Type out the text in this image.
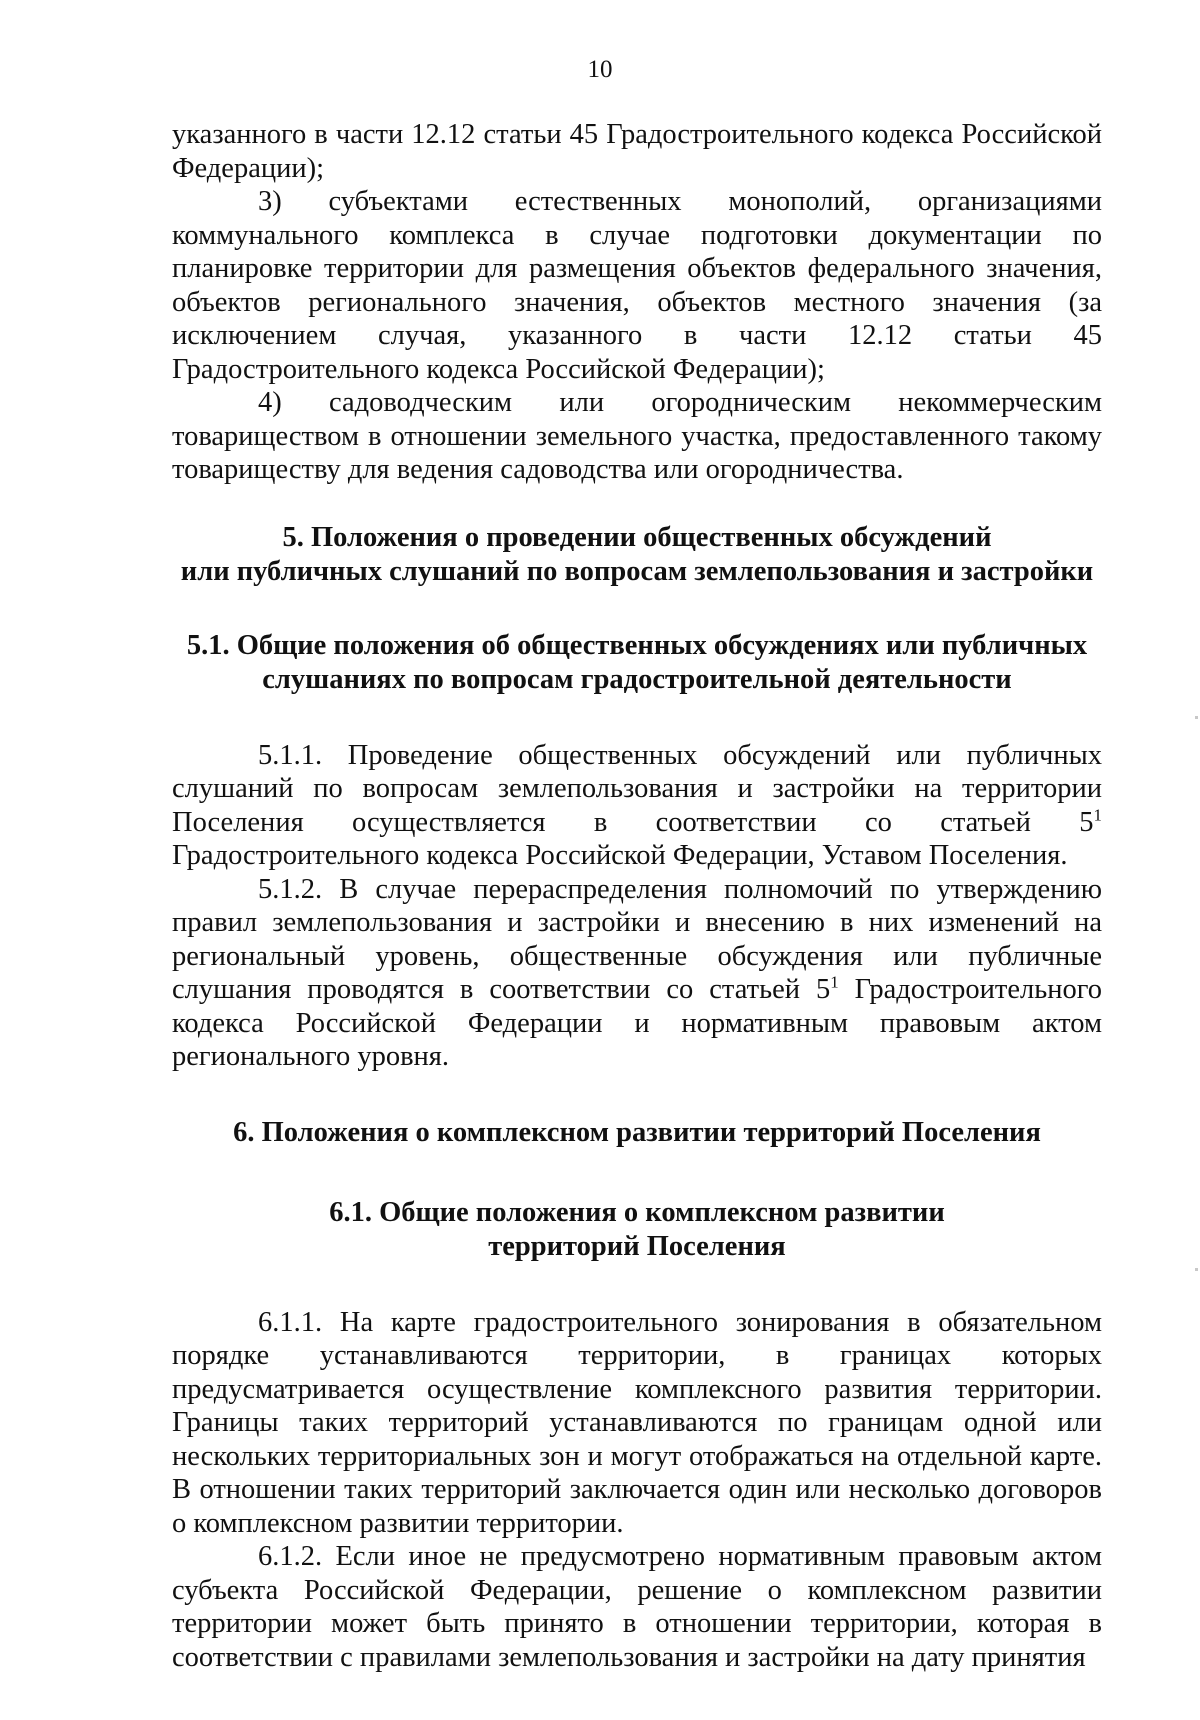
10

указанного в части 12.12 статьи 45 Градостроительного кодекса Российской Федерации);

3) субъектами естественных монополий, организациями коммунального комплекса в случае подготовки документации по планировке территории для размещения объектов федерального значения, объектов регионального значения, объектов местного значения (за исключением случая, указанного в части 12.12 статьи 45 Градостроительного кодекса Российской Федерации);

4) садоводческим или огородническим некоммерческим товариществом в отношении земельного участка, предоставленного такому товариществу для ведения садоводства или огородничества.

5. Положения о проведении общественных обсуждений
или публичных слушаний по вопросам землепользования и застройки
5.1. Общие положения об общественных обсуждениях или публичных
слушаниях по вопросам градостроительной деятельности

5.1.1. Проведение общественных обсуждений или публичных слушаний по вопросам землепользования и застройки на территории Поселения осуществляется в соответствии со статьей $5^1$ Градостроительного кодекса Российской Федерации, Уставом Поселения.

5.1.2. В случае перераспределения полномочий по утверждению правил землепользования и застройки и внесению в них изменений на региональный уровень, общественные обсуждения или публичные слушания проводятся в соответствии со статьей $5^1$ Градостроительного кодекса Российской Федерации и нормативным правовым актом регионального уровня.

6. Положения о комплексном развитии территорий Поселения
6.1. Общие положения о комплексном развитии
территорий Поселения

6.1.1. На карте градостроительного зонирования в обязательном порядке устанавливаются территории, в границах которых предусматривается осуществление комплексного развития территории. Границы таких территорий устанавливаются по границам одной или нескольких территориальных зон и могут отображаться на отдельной карте. В отношении таких территорий заключается один или несколько договоров о комплексном развитии территории.

6.1.2. Если иное не предусмотрено нормативным правовым актом субъекта Российской Федерации, решение о комплексном развитии территории может быть принято в отношении территории, которая в соответствии с правилами землепользования и застройки на дату принятия
